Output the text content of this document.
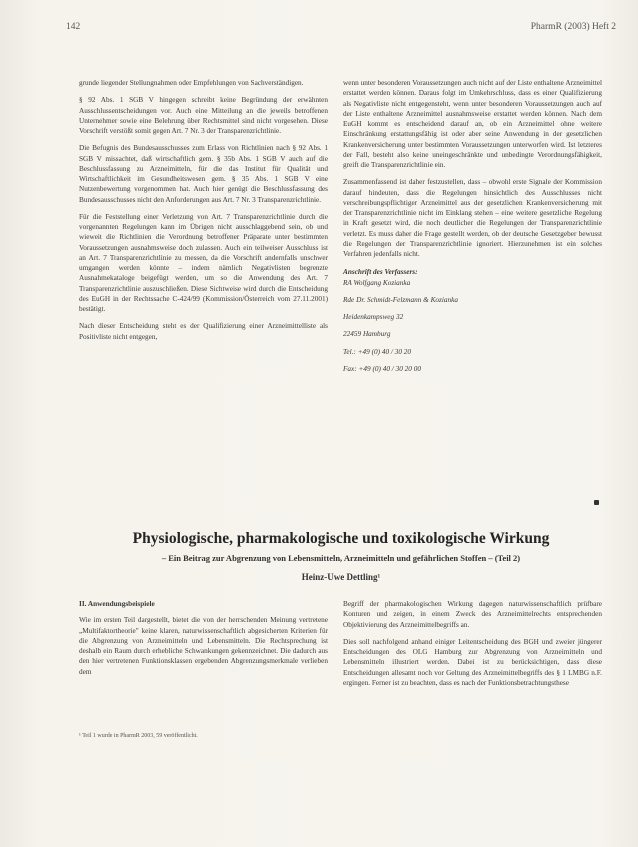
142	PharmR (2003) Heft 2

grunde liegender Stellungnahmen oder Empfehlungen von Sachverständigen.

§ 92 Abs. 1 SGB V hingegen schreibt keine Begründung der erwähnten Ausschlussentscheidungen vor. Auch eine Mitteilung an die jeweils betroffenen Unternehmer sowie eine Belehrung über Rechtsmittel sind nicht vorgesehen. Diese Vorschrift verstößt somit gegen Art. 7 Nr. 3 der Transparenzrichtlinie.

Die Befugnis des Bundesausschusses zum Erlass von Richtlinien nach § 92 Abs. 1 SGB V missachtet, daß wirtschaftlich gem. § 35b Abs. 1 SGB V auch auf die Beschlussfassung zu Arzneimitteln, für die das Institut für Qualität und Wirtschaftlichkeit im Gesundheitswesen gem. § 35 Abs. 1 SGB V eine Nutzenbewertung vorgenommen hat. Auch hier genügt die Beschlussfassung des Bundesausschusses nicht den Anforderungen aus Art. 7 Nr. 3 Transparenzrichtlinie.

Für die Feststellung einer Verletzung von Art. 7 Transparenzrichtlinie durch die vorgenannten Regelungen kann im Übrigen nicht ausschlaggebend sein, ob und wieweit die Richtlinien die Verordnung betroffener Präparate unter bestimmten Voraussetzungen ausnahmsweise doch zulassen. Auch ein teilweiser Ausschluss ist an Art. 7 Transparenzrichtlinie zu messen, da die Vorschrift andernfalls unschwer umgangen werden könnte – indem nämlich Negativlisten begrenzte Ausnahmekataloge beigefügt werden, um so die Anwendung des Art. 7 Transparenzrichtlinie auszuschließen. Diese Sichtweise wird durch die Entscheidung des EuGH in der Rechtssache C-424/99 (Kommission/Österreich vom 27.11.2001) bestätigt.

Nach dieser Entscheidung steht es der Qualifizierung einer Arzneimittelliste als Positivliste nicht entgegen,

wenn unter besonderen Voraussetzungen auch nicht auf der Liste enthaltene Arzneimittel erstattet werden können. Daraus folgt im Umkehrschluss, dass es einer Qualifizierung als Negativliste nicht entgegensteht, wenn unter besonderen Voraussetzungen auch auf der Liste enthaltene Arzneimittel ausnahmsweise erstattet werden können. Nach dem EuGH kommt es entscheidend darauf an, ob ein Arzneimittel ohne weitere Einschränkung erstattungsfähig ist oder aber seine Anwendung in der gesetzlichen Krankenversicherung unter bestimmten Voraussetzungen unterworfen wird. Ist letzteres der Fall, besteht also keine uneingeschränkte und unbedingte Verordnungsfähigkeit, greift die Transparenzrichtlinie ein.

Zusammenfassend ist daher festzustellen, dass – obwohl erste Signale der Kommission darauf hindeuten, dass die Regelungen hinsichtlich des Ausschlusses nicht verschreibungspflichtiger Arzneimittel aus der gesetzlichen Krankenversicherung mit der Transparenzrichtlinie nicht im Einklang stehen – eine weitere gesetzliche Regelung in Kraft gesetzt wird, die noch deutlicher die Regelungen der Transparenzrichtlinie verletzt. Es muss daher die Frage gestellt werden, ob der deutsche Gesetzgeber bewusst die Regelungen der Transparenzrichtlinie ignoriert. Hierzunehmen ist ein solches Verfahren jedenfalls nicht.

Anschrift des Verfassers:

RA Wolfgang Kozianka

Rde Dr. Schmidt-Felzmann & Kozianka

Heidenkampsweg 32

22459 Hamburg

Tel.: +49 (0) 40 / 30 20

Fax: +49 (0) 40 / 30 20 00

Physiologische, pharmakologische und toxikologische Wirkung
– Ein Beitrag zur Abgrenzung von Lebensmitteln, Arzneimitteln und gefährlichen Stoffen – (Teil 2)
Heinz-Uwe Dettling¹
II. Anwendungsbeispiele

Wie im ersten Teil dargestellt, bietet die von der herrschenden Meinung vertretene „Multifaktortheorie" keine klaren, naturwissenschaftlich abgesicherten Kriterien für die Abgrenzung von Arzneimitteln und Lebensmitteln. Die Rechtsprechung ist deshalb ein Raum durch erhebliche Schwankungen gekennzeichnet. Die dadurch aus den hier vertretenen Funktionsklassen ergebenden Abgrenzungsmerkmale verlieben dem

¹ Teil 1 wurde in PharmR 2003, 59 veröffentlicht.

Begriff der pharmakologischen Wirkung dagegen naturwissenschaftlich prüfbare Konturen und zeigen, in einem Zweck des Arzneimittelrechts entsprechenden Objektivierung des Arzneimittelbegriffs an.

Dies soll nachfolgend anhand einiger Leitentscheidung des BGH und zweier jüngerer Entscheidungen des OLG Hamburg zur Abgrenzung von Arzneimitteln und Lebensmitteln illustriert werden. Dabei ist zu berücksichtigen, dass diese Entscheidungen allesamt noch vor Geltung des Arzneimittelbegriffs des § 1 LMBG n.F. ergingen. Ferner ist zu beachten, dass es nach der Funktionsbetrachtungsthese
